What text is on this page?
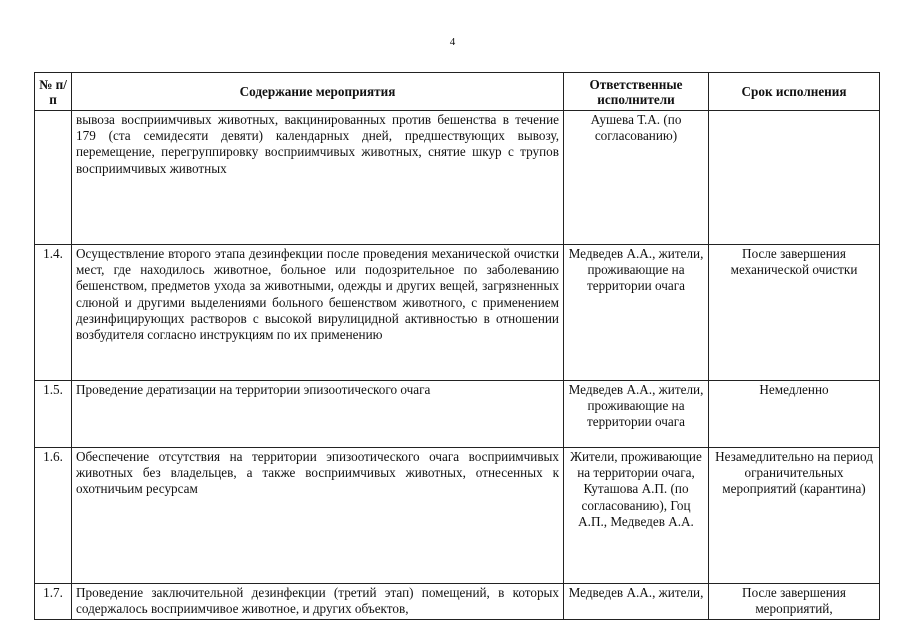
4
№ п/п	Содержание мероприятия	Ответственные исполнители	Срок исполнения
	вывоза восприимчивых животных, вакцинированных против бешенства в течение 179 (ста семидесяти девяти) календарных дней, предшествующих вывозу, перемещение, перегруппировку восприимчивых животных, снятие шкур с трупов восприимчивых животных	Аушева Т.А. (по согласованию)	
1.4.	Осуществление второго этапа дезинфекции после проведения механической очистки мест, где находилось животное, больное или подозрительное по заболеванию бешенством, предметов ухода за животными, одежды и других вещей, загрязненных слюной и другими выделениями больного бешенством животного, с применением дезинфицирующих растворов с высокой вирулицидной активностью в отношении возбудителя согласно инструкциям по их применению	Медведев А.А., жители, проживающие на территории очага	После завершения механической очистки
1.5.	Проведение дератизации на территории эпизоотического очага	Медведев А.А., жители, проживающие на территории очага	Немедленно
1.6.	Обеспечение отсутствия на территории эпизоотического очага восприимчивых животных без владельцев, а также восприимчивых животных, отнесенных к охотничьим ресурсам	Жители, проживающие на территории очага, Куташова А.П. (по согласованию), Гоц А.П., Медведев А.А.	Незамедлительно на период ограничительных мероприятий (карантина)
1.7.	Проведение заключительной дезинфекции (третий этап) помещений, в которых содержалось восприимчивое животное, и других объектов,	Медведев А.А., жители,	После завершения мероприятий,
